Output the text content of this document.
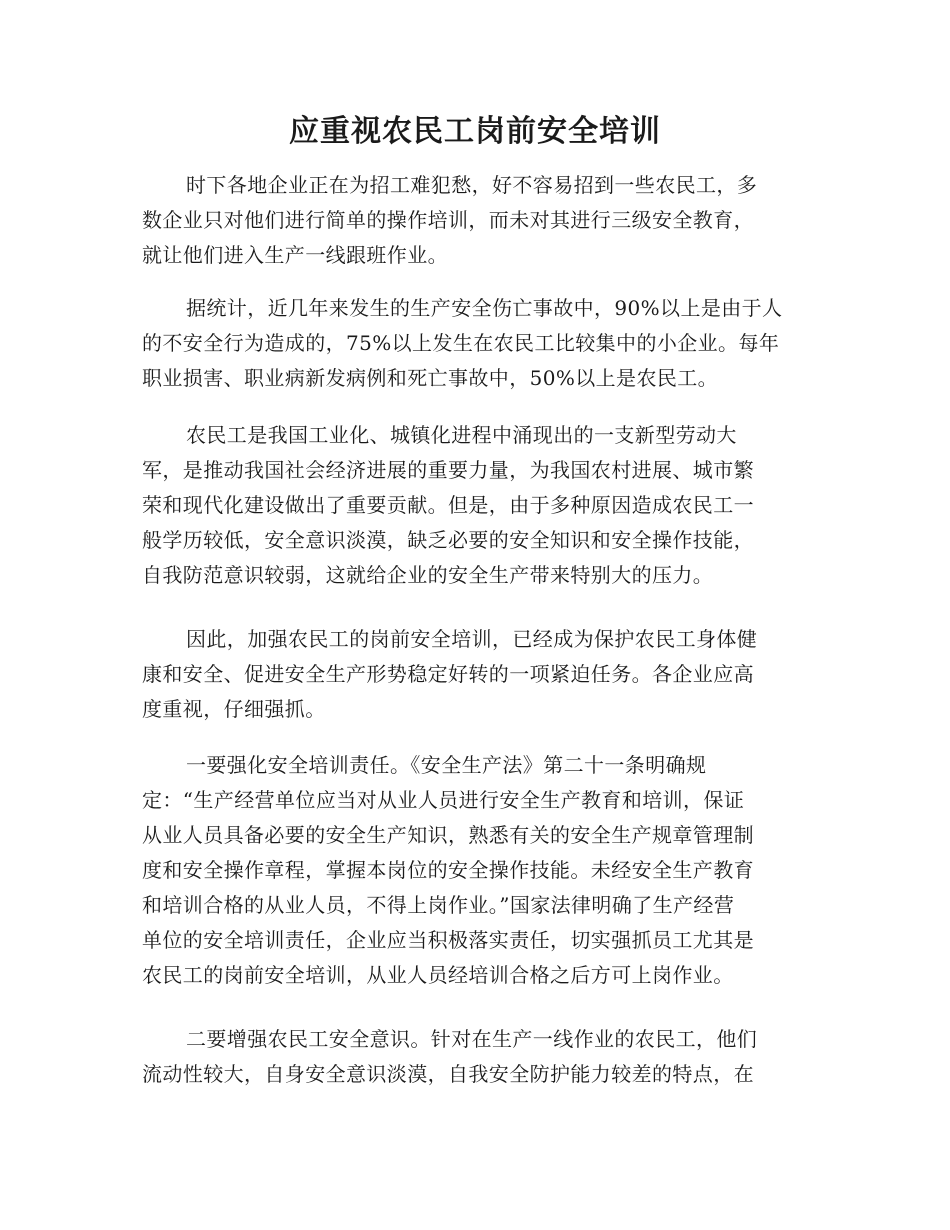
应重视农民工岗前安全培训
时下各地企业正在为招工难犯愁，好不容易招到一些农民工，多
数企业只对他们进行简单的操作培训，而未对其进行三级安全教育，
就让他们进入生产一线跟班作业。
据统计，近几年来发生的生产安全伤亡事故中，90%以上是由于人
的不安全行为造成的，75%以上发生在农民工比较集中的小企业。每年
职业损害、职业病新发病例和死亡事故中，50%以上是农民工。
农民工是我国工业化、城镇化进程中涌现出的一支新型劳动大
军，是推动我国社会经济进展的重要力量，为我国农村进展、城市繁
荣和现代化建设做出了重要贡献。但是，由于多种原因造成农民工一
般学历较低，安全意识淡漠，缺乏必要的安全知识和安全操作技能，
自我防范意识较弱，这就给企业的安全生产带来特别大的压力。
因此，加强农民工的岗前安全培训，已经成为保护农民工身体健
康和安全、促进安全生产形势稳定好转的一项紧迫任务。各企业应高
度重视，仔细强抓。
一要强化安全培训责任。《安全生产法》第二十一条明确规
定：“生产经营单位应当对从业人员进行安全生产教育和培训，保证
从业人员具备必要的安全生产知识，熟悉有关的安全生产规章管理制
度和安全操作章程，掌握本岗位的安全操作技能。未经安全生产教育
和培训合格的从业人员，不得上岗作业。”国家法律明确了生产经营
单位的安全培训责任，企业应当积极落实责任，切实强抓员工尤其是
农民工的岗前安全培训，从业人员经培训合格之后方可上岗作业。
二要增强农民工安全意识。针对在生产一线作业的农民工，他们
流动性较大，自身安全意识淡漠，自我安全防护能力较差的特点，在
